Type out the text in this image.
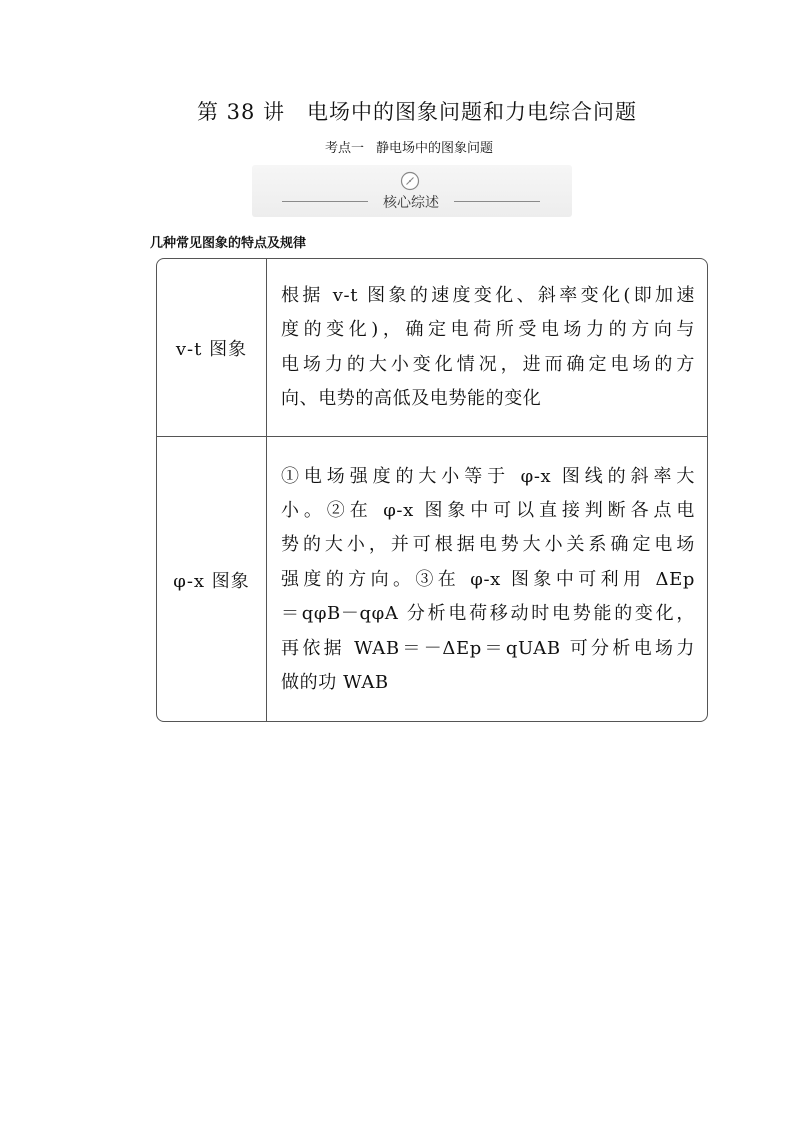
第 38 讲 电场中的图象问题和力电综合问题
考点一 静电场中的图象问题
核心综述
几种常见图象的特点及规律
v-t 图象
根据 v-t 图象的速度变化、斜率变化(即加速
度的变化)，确定电荷所受电场力的方向与
电场力的大小变化情况，进而确定电场的方
向、电势的高低及电势能的变化
φ-x 图象
①电场强度的大小等于 φ-x 图线的斜率大
小。②在 φ-x 图象中可以直接判断各点电
势的大小，并可根据电势大小关系确定电场
强度的方向。③在 φ-x 图象中可利用 ΔEp
＝qφB－qφA 分析电荷移动时电势能的变化，
再依据 WAB＝－ΔEp＝qUAB 可分析电场力
做的功 WAB
